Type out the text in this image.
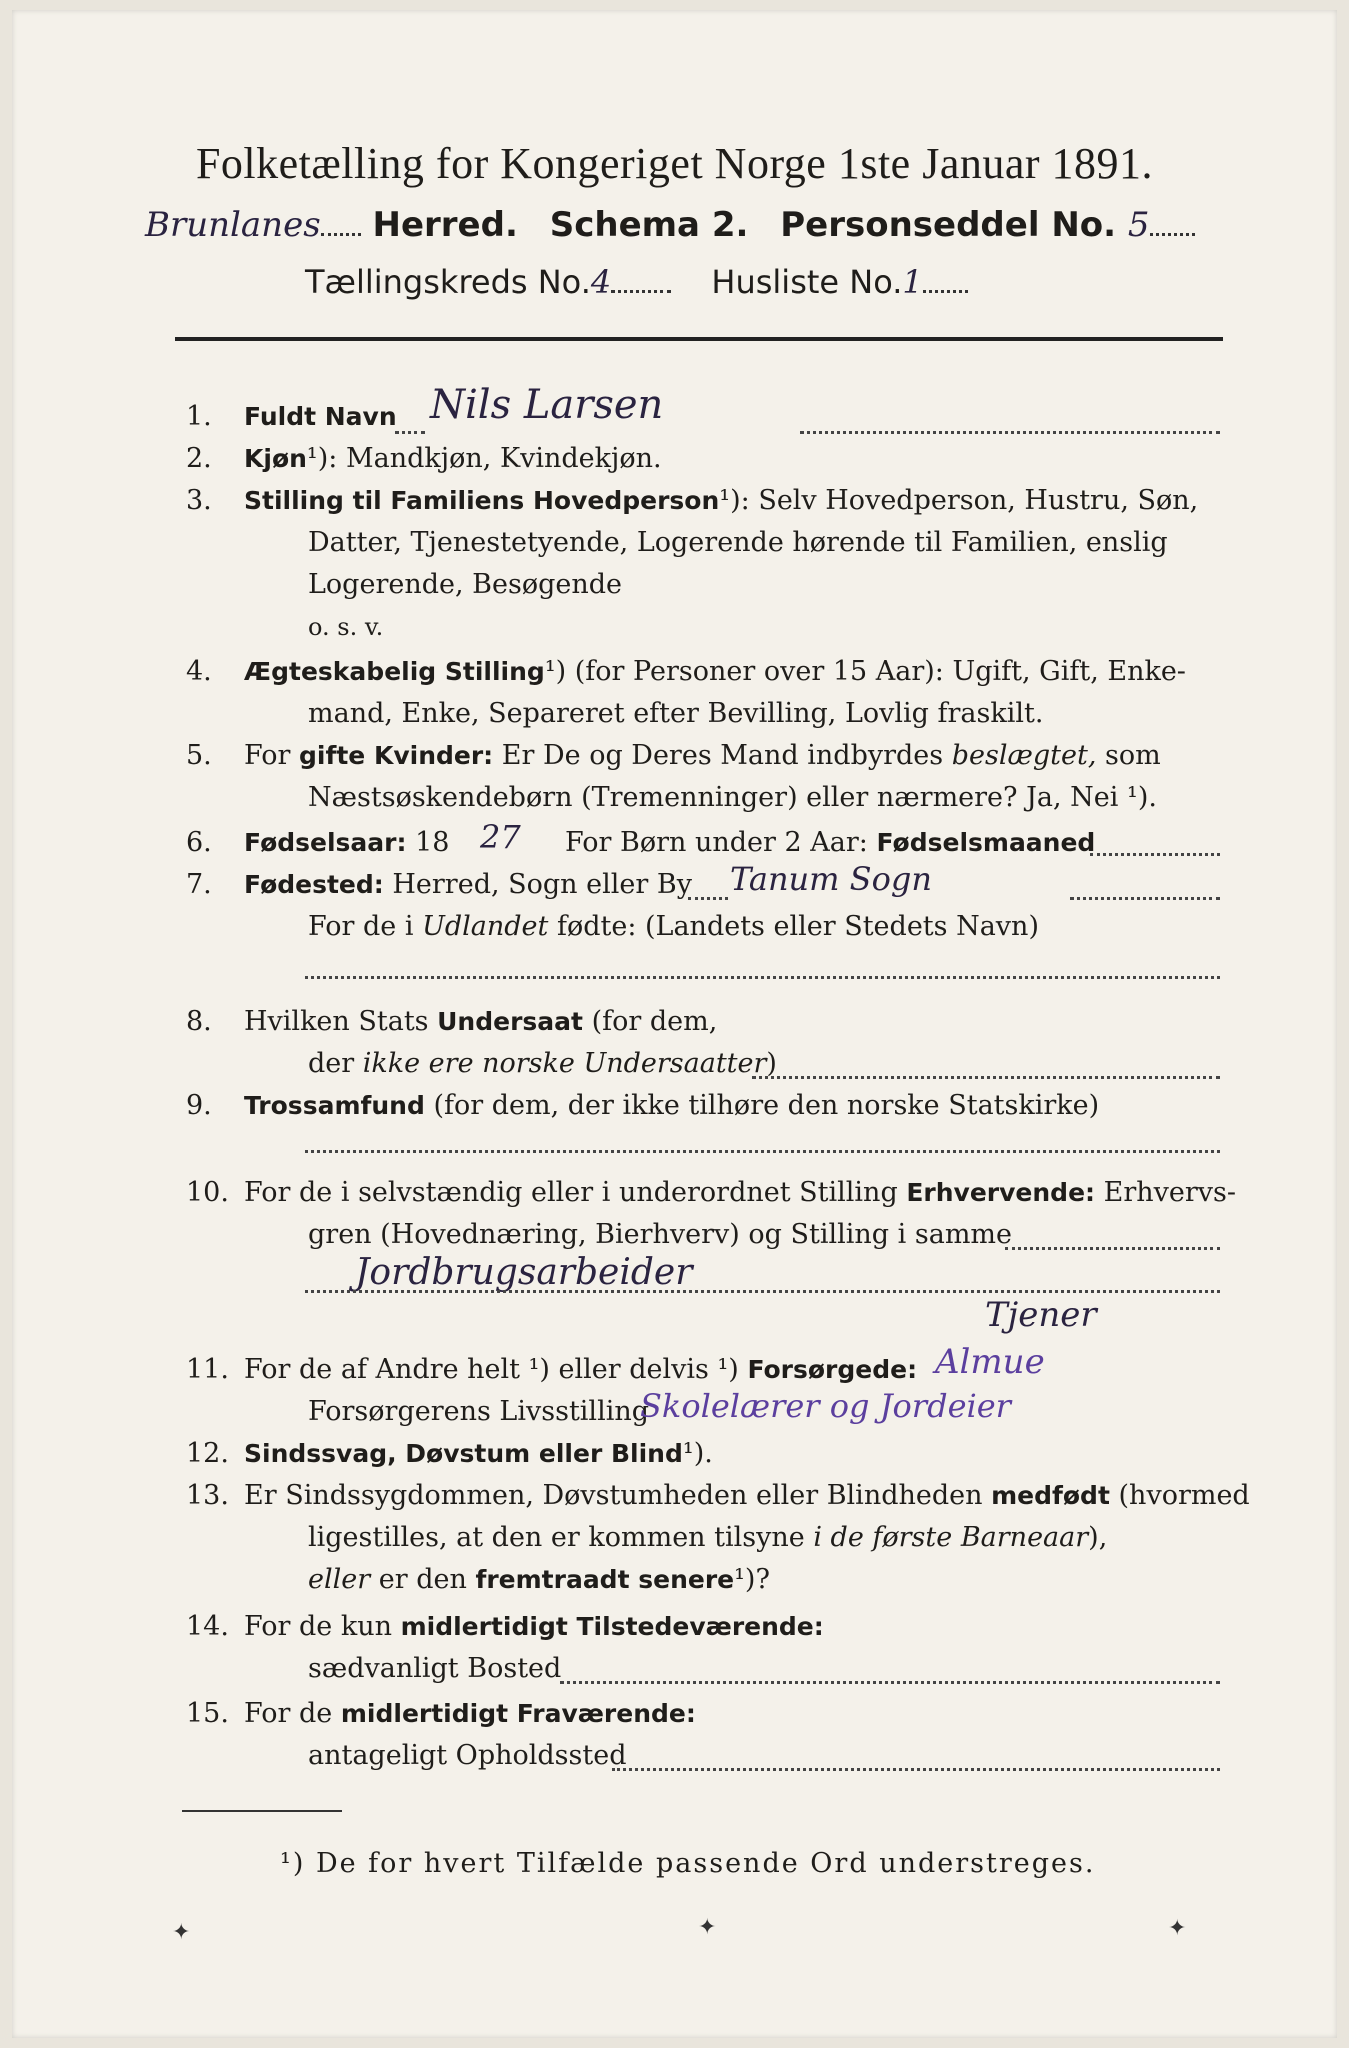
Folketælling for Kongeriget Norge 1ste Januar 1891.
Brunlanes Herred. Schema 2. Personseddel No. 5
Tællingskreds No.4	Husliste No.1
1. Fuldt Navn Nils Larsen
2. Kjøn¹): Mandkjøn, Kvindekjøn.
3. Stilling til Familiens Hovedperson¹): Selv Hovedperson, Hustru, Søn,
Datter, Tjenestetyende, Logerende hørende til Familien, enslig
Logerende, Besøgende
o. s. v.
4. Ægteskabelig Stilling¹) (for Personer over 15 Aar): Ugift, Gift, Enke-
mand, Enke, Separeret efter Bevilling, Lovlig fraskilt.
5. For gifte Kvinder: Er De og Deres Mand indbyrdes beslægtet, som
Næstsøskendebørn (Tremenninger) eller nærmere? Ja, Nei ¹).
6. Fødselsaar: 18 27 For Børn under 2 Aar: Fødselsmaaned
7. Fødested: Herred, Sogn eller By Tanum Sogn
For de i Udlandet fødte: (Landets eller Stedets Navn)
8. Hvilken Stats Undersaat (for dem,
der ikke ere norske Undersaatter)
9. Trossamfund (for dem, der ikke tilhøre den norske Statskirke)
10. For de i selvstændig eller i underordnet Stilling Erhvervende: Erhvervs-
gren (Hovednæring, Bierhverv) og Stilling i samme
Jordbrugsarbeider
Tjener
11. For de af Andre helt ¹) eller delvis ¹) Forsørgede: Almue
Forsørgerens Livsstilling
Skolelærer og Jordeier
12. Sindssvag, Døvstum eller Blind¹).
13. Er Sindssygdommen, Døvstumheden eller Blindheden medfødt (hvormed
ligestilles, at den er kommen tilsyne i de første Barneaar),
eller er den fremtraadt senere¹)?
14. For de kun midlertidigt Tilstedeværende:
sædvanligt Bosted
15. For de midlertidigt Fraværende:
antageligt Opholdssted
¹) De for hvert Tilfælde passende Ord understreges.
✦	✦	✦
